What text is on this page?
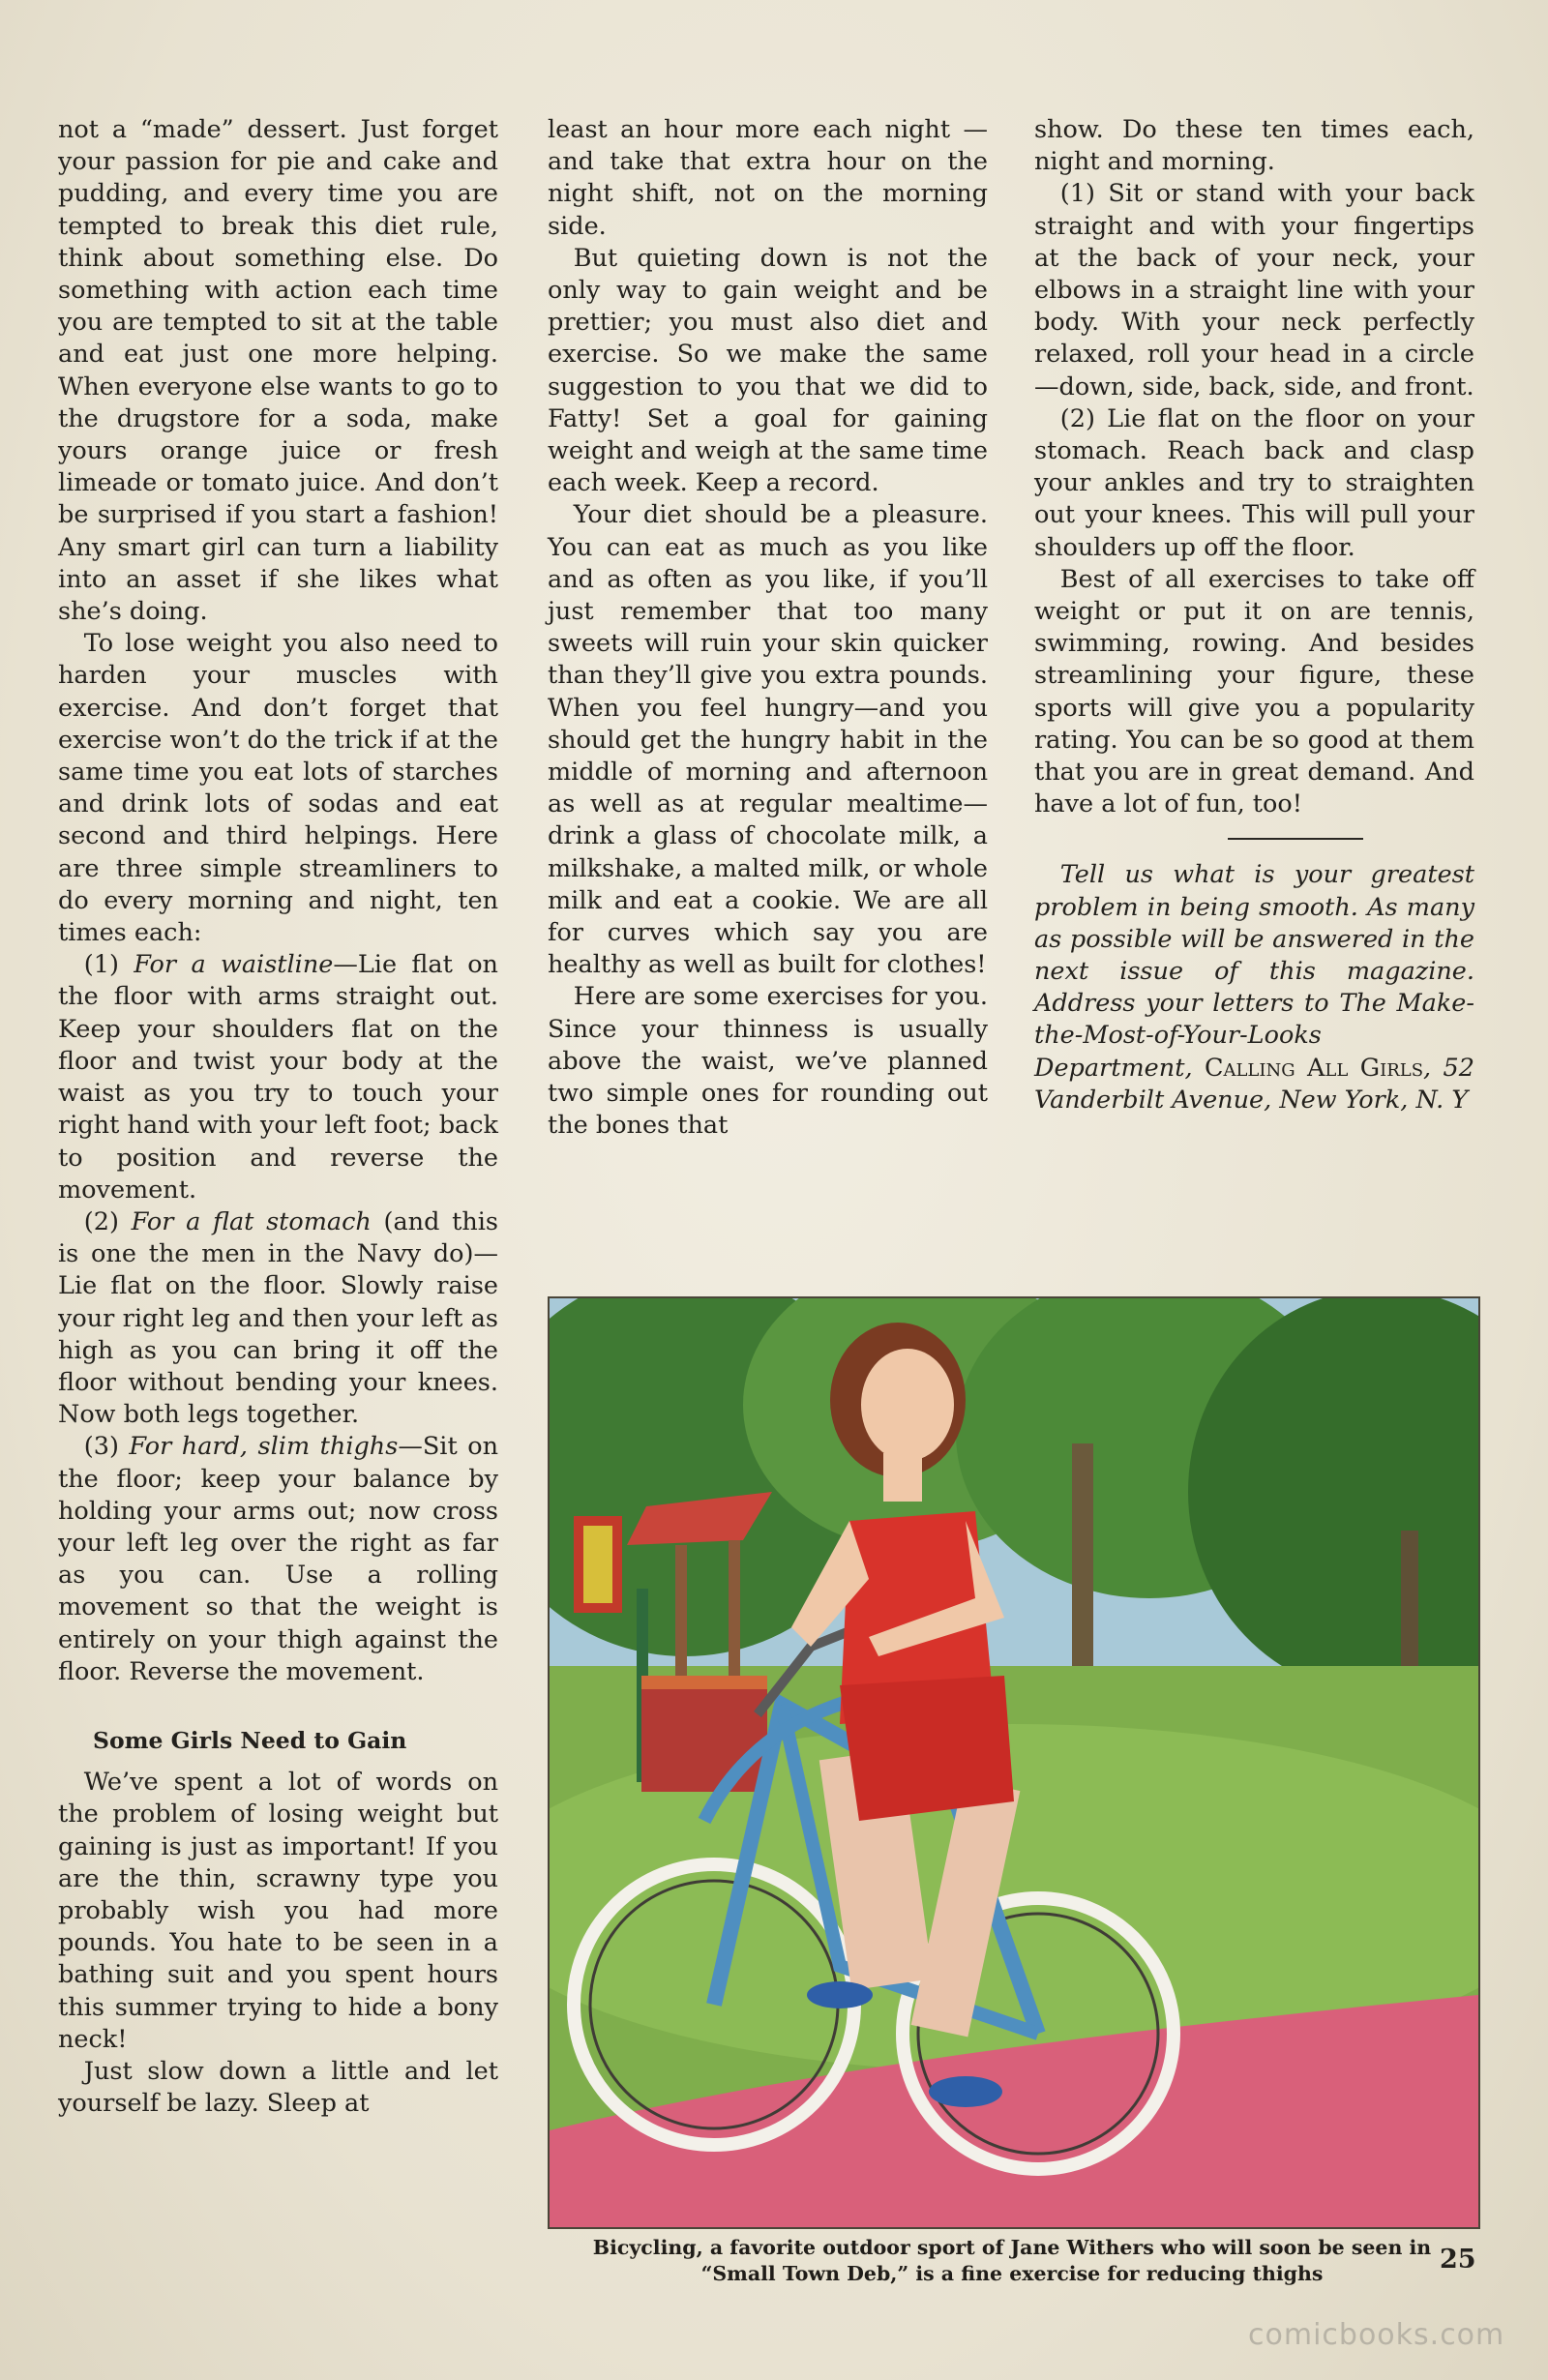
not a “made” dessert. Just forget your passion for pie and cake and pudding, and every time you are tempted to break this diet rule, think about something else. Do something with action each time you are tempted to sit at the table and eat just one more helping. When everyone else wants to go to the drugstore for a soda, make yours orange juice or fresh limeade or tomato juice. And don’t be surprised if you start a fashion! Any smart girl can turn a liability into an asset if she likes what she’s doing.

To lose weight you also need to harden your muscles with exercise. And don’t forget that exercise won’t do the trick if at the same time you eat lots of starches and drink lots of sodas and eat second and third helpings. Here are three simple streamliners to do every morning and night, ten times each:

(1) For a waistline—Lie flat on the floor with arms straight out. Keep your shoulders flat on the floor and twist your body at the waist as you try to touch your right hand with your left foot; back to position and reverse the movement.

(2) For a flat stomach (and this is one the men in the Navy do)—Lie flat on the floor. Slowly raise your right leg and then your left as high as you can bring it off the floor without bending your knees. Now both legs together.

(3) For hard, slim thighs—Sit on the floor; keep your balance by holding your arms out; now cross your left leg over the right as far as you can. Use a rolling movement so that the weight is entirely on your thigh against the floor. Reverse the movement.

Some Girls Need to Gain

We’ve spent a lot of words on the problem of losing weight but gaining is just as important! If you are the thin, scrawny type you probably wish you had more pounds. You hate to be seen in a bathing suit and you spent hours this summer trying to hide a bony neck!

Just slow down a little and let yourself be lazy. Sleep at

least an hour more each night —and take that extra hour on the night shift, not on the morning side.

But quieting down is not the only way to gain weight and be prettier; you must also diet and exercise. So we make the same suggestion to you that we did to Fatty! Set a goal for gaining weight and weigh at the same time each week. Keep a record.

Your diet should be a pleasure. You can eat as much as you like and as often as you like, if you’ll just remember that too many sweets will ruin your skin quicker than they’ll give you extra pounds. When you feel hungry—and you should get the hungry habit in the middle of morning and afternoon as well as at regular mealtime—drink a glass of chocolate milk, a milkshake, a malted milk, or whole milk and eat a cookie. We are all for curves which say you are healthy as well as built for clothes!

Here are some exercises for you. Since your thinness is usually above the waist, we’ve planned two simple ones for rounding out the bones that

show. Do these ten times each, night and morning.

(1) Sit or stand with your back straight and with your fingertips at the back of your neck, your elbows in a straight line with your body. With your neck perfectly relaxed, roll your head in a circle—down, side, back, side, and front.

(2) Lie flat on the floor on your stomach. Reach back and clasp your ankles and try to straighten out your knees. This will pull your shoulders up off the floor.

Best of all exercises to take off weight or put it on are tennis, swimming, rowing. And besides streamlining your figure, these sports will give you a popularity rating. You can be so good at them that you are in great demand. And have a lot of fun, too!

Tell us what is your greatest problem in being smooth. As many as possible will be answered in the next issue of this magazine. Address your letters to The Make-the-Most-of-Your-Looks Department, Calling All Girls, 52 Vanderbilt Avenue, New York, N. Y

Bicycling, a favorite outdoor sport of Jane Withers who will soon be seen in
“Small Town Deb,” is a fine exercise for reducing thighs	25
comicbooks.com
